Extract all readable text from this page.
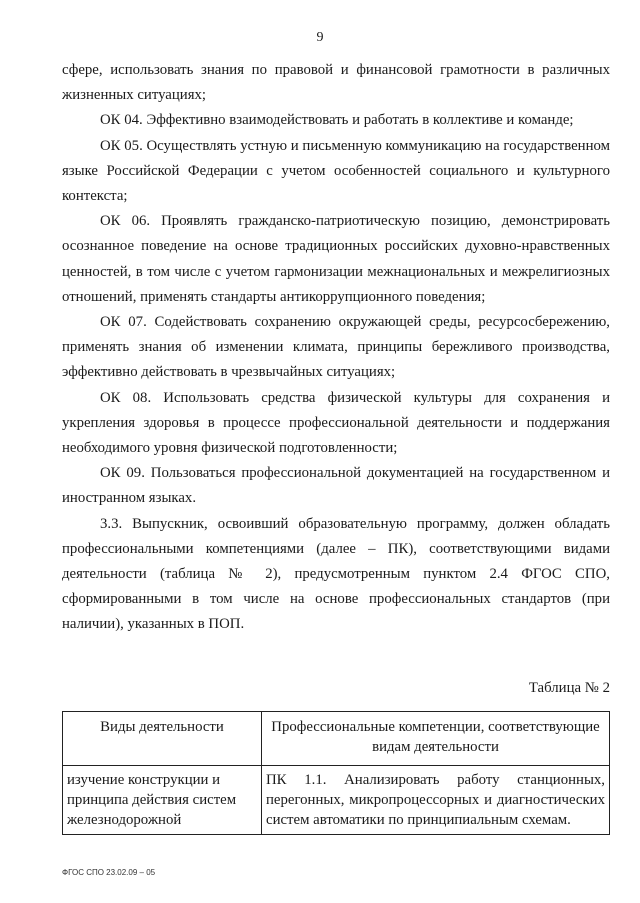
9

сфере, использовать знания по правовой и финансовой грамотности в различных жизненных ситуациях;

ОК 04. Эффективно взаимодействовать и работать в коллективе и команде;

ОК 05. Осуществлять устную и письменную коммуникацию на государственном языке Российской Федерации с учетом особенностей социального и культурного контекста;

ОК 06. Проявлять гражданско-патриотическую позицию, демонстрировать осознанное поведение на основе традиционных российских духовно-нравственных ценностей, в том числе с учетом гармонизации межнациональных и межрелигиозных отношений, применять стандарты антикоррупционного поведения;

ОК 07. Содействовать сохранению окружающей среды, ресурсосбережению, применять знания об изменении климата, принципы бережливого производства, эффективно действовать в чрезвычайных ситуациях;

ОК 08. Использовать средства физической культуры для сохранения и укрепления здоровья в процессе профессиональной деятельности и поддержания необходимого уровня физической подготовленности;

ОК 09. Пользоваться профессиональной документацией на государственном и иностранном языках.

3.3. Выпускник, освоивший образовательную программу, должен обладать профессиональными компетенциями (далее – ПК), соответствующими видами деятельности (таблица № 2), предусмотренным пунктом 2.4 ФГОС СПО, сформированными в том числе на основе профессиональных стандартов (при наличии), указанных в ПОП.

Таблица № 2
Виды деятельности	Профессиональные компетенции, соответствующие видам деятельности
изучение конструкции и принципа действия систем железнодорожной	ПК 1.1. Анализировать работу станционных, перегонных, микропроцессорных и диагностических систем автоматики по принципиальным схемам.
ФГОС СПО 23.02.09 – 05
